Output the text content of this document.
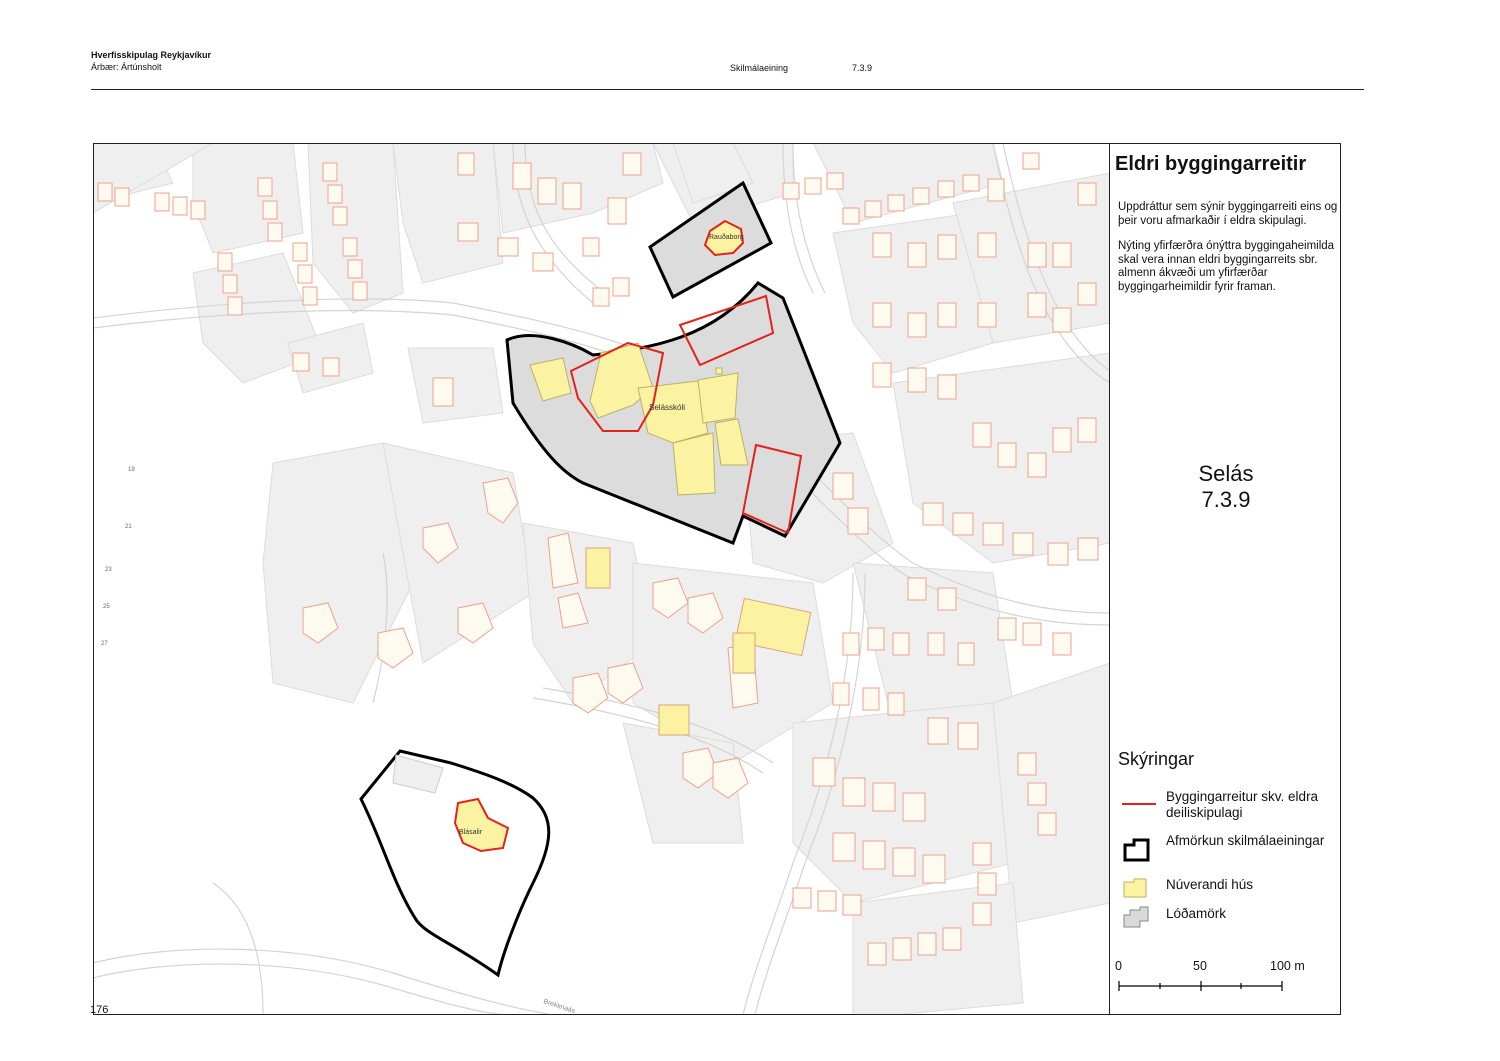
Hverfisskipulag Reykjavíkur
Árbær: Ártúnsholt	Skilmálaeining	7.3.9
Selásskóli
Rauðaborg
Blásalir
Brekknaás
19
21
23
25
27
Eldri byggingarreitir

Uppdráttur sem sýnir byggingarreiti eins og þeir voru afmarkaðir í eldra skipulagi.

Nýting yfirfærðra ónýttra byggingaheimilda skal vera innan eldri byggingarreits sbr. almenn ákvæði um yfirfærðar byggingarheimildir fyrir framan.

Selás
7.3.9
Skýringar
Byggingarreitur skv. eldra deiliskipulagi
Afmörkun skilmálaeiningar
Núverandi hús
Lóðamörk
0	50	100 m
176
